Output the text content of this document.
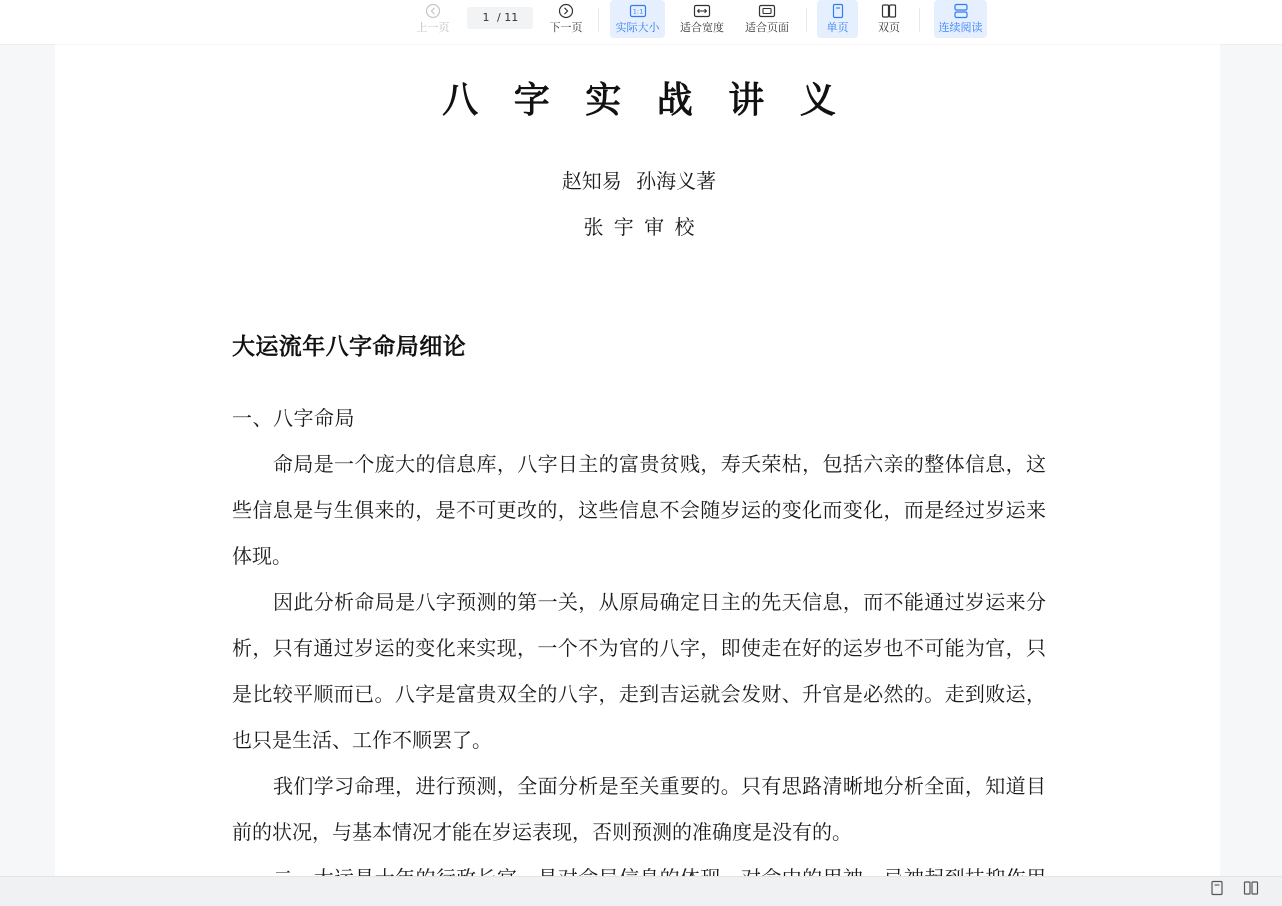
上一页
1
/ 11
下一页
1:1
实际大小	适合宽度 适合页面	单页	双页	连续阅读
八 字 实 战 讲 义
赵知易 孙海义著
张 宇 审 校
大运流年八字命局细论
一、八字命局
命局是一个庞大的信息库，八字日主的富贵贫贱，寿夭荣枯，包括六亲的整体信息，这
些信息是与生俱来的，是不可更改的，这些信息不会随岁运的变化而变化，而是经过岁运来
体现。
因此分析命局是八字预测的第一关，从原局确定日主的先天信息，而不能通过岁运来分
析，只有通过岁运的变化来实现，一个不为官的八字，即使走在好的运岁也不可能为官，只
是比较平顺而已。八字是富贵双全的八字，走到吉运就会发财、升官是必然的。走到败运，
也只是生活、工作不顺罢了。
我们学习命理，进行预测，全面分析是至关重要的。只有思路清晰地分析全面，知道目
前的状况，与基本情况才能在岁运表现，否则预测的准确度是没有的。
